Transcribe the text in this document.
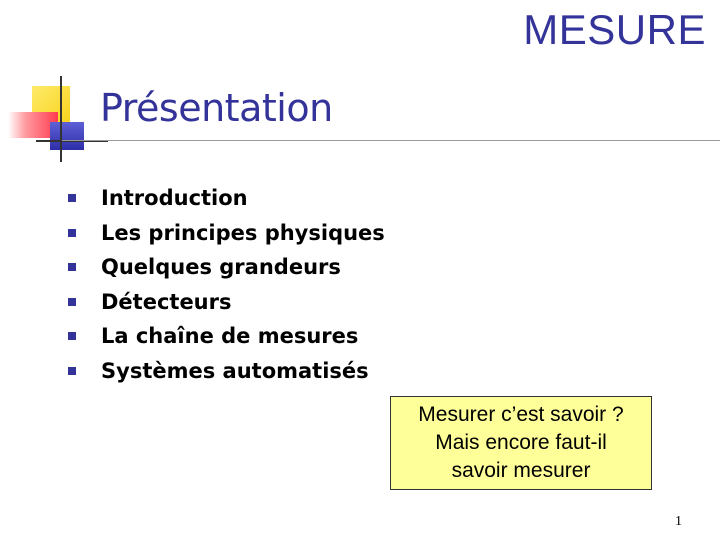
MESURE
Présentation
Introduction
Les principes physiques
Quelques grandeurs
Détecteurs
La chaîne de mesures
Systèmes automatisés
Mesurer c’est savoir ?
Mais encore faut-il
savoir mesurer
1
